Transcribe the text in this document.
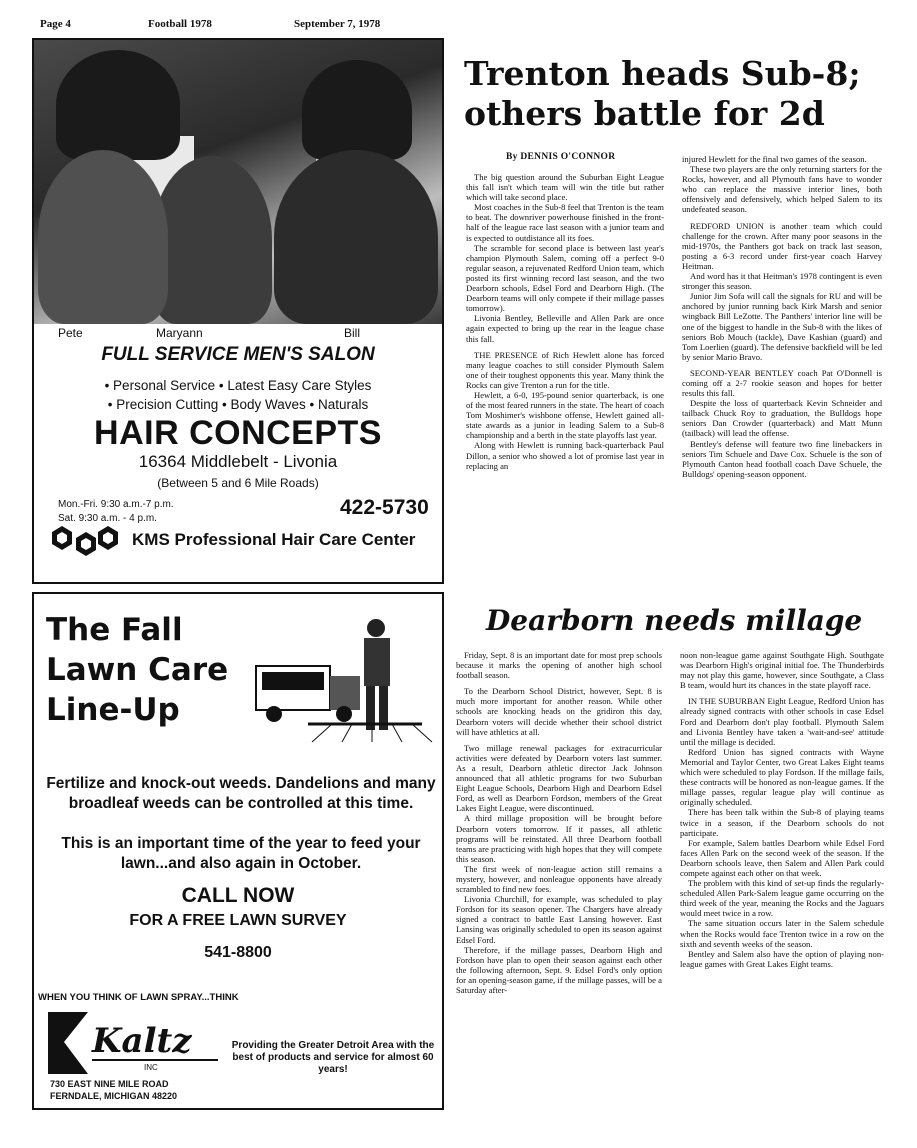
Page 4	Football 1978	September 7, 1978
Pete	Maryann	Bill
FULL SERVICE MEN'S SALON
• Personal Service • Latest Easy Care Styles
• Precision Cutting • Body Waves • Naturals
HAIR CONCEPTS
16364 Middlebelt - Livonia
(Between 5 and 6 Mile Roads)
Mon.-Fri. 9:30 a.m.-7 p.m.
Sat. 9:30 a.m. - 4 p.m.	422-5730
KMS Professional Hair Care Center
The Fall
Lawn Care
Line-Up
Fertilize and knock-out weeds. Dandelions and many broadleaf weeds can be controlled at this time.
This is an important time of the year to feed your lawn...and also again in October.
CALL NOW
FOR A FREE LAWN SURVEY
541-8800
WHEN YOU THINK OF LAWN SPRAY...THINK
Kaltz
INC
Providing the Greater Detroit Area with the best of products and service for almost 60 years!
730 EAST NINE MILE ROAD
FERNDALE, MICHIGAN 48220
Trenton heads Sub-8; others battle for 2d
By DENNIS O'CONNOR

The big question around the Suburban Eight League this fall isn't which team will win the title but rather which will take second place.

Most coaches in the Sub-8 feel that Trenton is the team to beat. The downriver powerhouse finished in the front-half of the league race last season with a junior team and is expected to outdistance all its foes.

The scramble for second place is between last year's champion Plymouth Salem, coming off a perfect 9-0 regular season, a rejuvenated Redford Union team, which posted its first winning record last season, and the two Dearborn schools, Edsel Ford and Dearborn High. (The Dearborn teams will only compete if their millage passes tomorrow).

Livonia Bentley, Belleville and Allen Park are once again expected to bring up the rear in the league chase this fall.

THE PRESENCE of Rich Hewlett alone has forced many league coaches to still consider Plymouth Salem one of their toughest opponents this year. Many think the Rocks can give Trenton a run for the title.

Hewlett, a 6-0, 195-pound senior quarterback, is one of the most feared runners in the state. The heart of coach Tom Moshimer's wishbone offense, Hewlett gained all-state awards as a junior in leading Salem to a Sub-8 championship and a berth in the state playoffs last year.

Along with Hewlett is running back-quarterback Paul Dillon, a senior who showed a lot of promise last year in replacing an

injured Hewlett for the final two games of the season.

These two players are the only returning starters for the Rocks, however, and all Plymouth fans have to wonder who can replace the massive interior lines, both offensively and defensively, which helped Salem to its undefeated season.

REDFORD UNION is another team which could challenge for the crown. After many poor seasons in the mid-1970s, the Panthers got back on track last season, posting a 6-3 record under first-year coach Harvey Heitman.

And word has it that Heitman's 1978 contingent is even stronger this season.

Junior Jim Sofa will call the signals for RU and will be anchored by junior running back Kirk Marsh and senior wingback Bill LeZotte. The Panthers' interior line will be one of the biggest to handle in the Sub-8 with the likes of seniors Bob Mouch (tackle), Dave Kashian (guard) and Tom Loerlien (guard). The defensive backfield will be led by senior Mario Bravo.

SECOND-YEAR BENTLEY coach Pat O'Donnell is coming off a 2-7 rookie season and hopes for better results this fall.

Despite the loss of quarterback Kevin Schneider and tailback Chuck Roy to graduation, the Bulldogs hope seniors Dan Crowder (quarterback) and Matt Munn (tailback) will lead the offense.

Bentley's defense will feature two fine linebackers in seniors Tim Schuele and Dave Cox. Schuele is the son of Plymouth Canton head football coach Dave Schuele, the Bulldogs' opening-season opponent.

Dearborn needs millage

Friday, Sept. 8 is an important date for most prep schools because it marks the opening of another high school football season.

To the Dearborn School District, however, Sept. 8 is much more important for another reason. While other schools are knocking heads on the gridiron this day, Dearborn voters will decide whether their school district will have athletics at all.

Two millage renewal packages for extracurricular activities were defeated by Dearborn voters last summer. As a result, Dearborn athletic director Jack Johnson announced that all athletic programs for two Suburban Eight League Schools, Dearborn High and Dearborn Edsel Ford, as well as Dearborn Fordson, members of the Great Lakes Eight League, were discontinued.

A third millage proposition will be brought before Dearborn voters tomorrow. If it passes, all athletic programs will be reinstated. All three Dearborn football teams are practicing with high hopes that they will compete this season.

The first week of non-league action still remains a mystery, however, and nonleague opponents have already scrambled to find new foes.

Livonia Churchill, for example, was scheduled to play Fordson for its season opener. The Chargers have already signed a contract to battle East Lansing however. East Lansing was originally scheduled to open its season against Edsel Ford.

Therefore, if the millage passes, Dearborn High and Fordson have plan to open their season against each other the following afternoon, Sept. 9. Edsel Ford's only option for an opening-season game, if the millage passes, will be a Saturday after-

noon non-league game against Southgate High. Southgate was Dearborn High's original initial foe. The Thunderbirds may not play this game, however, since Southgate, a Class B team, would hurt its chances in the state playoff race.

IN THE SUBURBAN Eight League, Redford Union has already signed contracts with other schools in case Edsel Ford and Dearborn don't play football. Plymouth Salem and Livonia Bentley have taken a 'wait-and-see' attitude until the millage is decided.

Redford Union has signed contracts with Wayne Memorial and Taylor Center, two Great Lakes Eight teams which were scheduled to play Fordson. If the millage fails, these contracts will be honored as non-league games. If the millage passes, regular league play will continue as originally scheduled.

There has been talk within the Sub-8 of playing teams twice in a season, if the Dearborn schools do not participate.

For example, Salem battles Dearborn while Edsel Ford faces Allen Park on the second week of the season. If the Dearborn schools leave, then Salem and Allen Park could compete against each other on that week.

The problem with this kind of set-up finds the regularly-scheduled Allen Park-Salem league game occurring on the third week of the year, meaning the Rocks and the Jaguars would meet twice in a row.

The same situation occurs later in the Salem schedule when the Rocks would face Trenton twice in a row on the sixth and seventh weeks of the season.

Bentley and Salem also have the option of playing non-league games with Great Lakes Eight teams.
